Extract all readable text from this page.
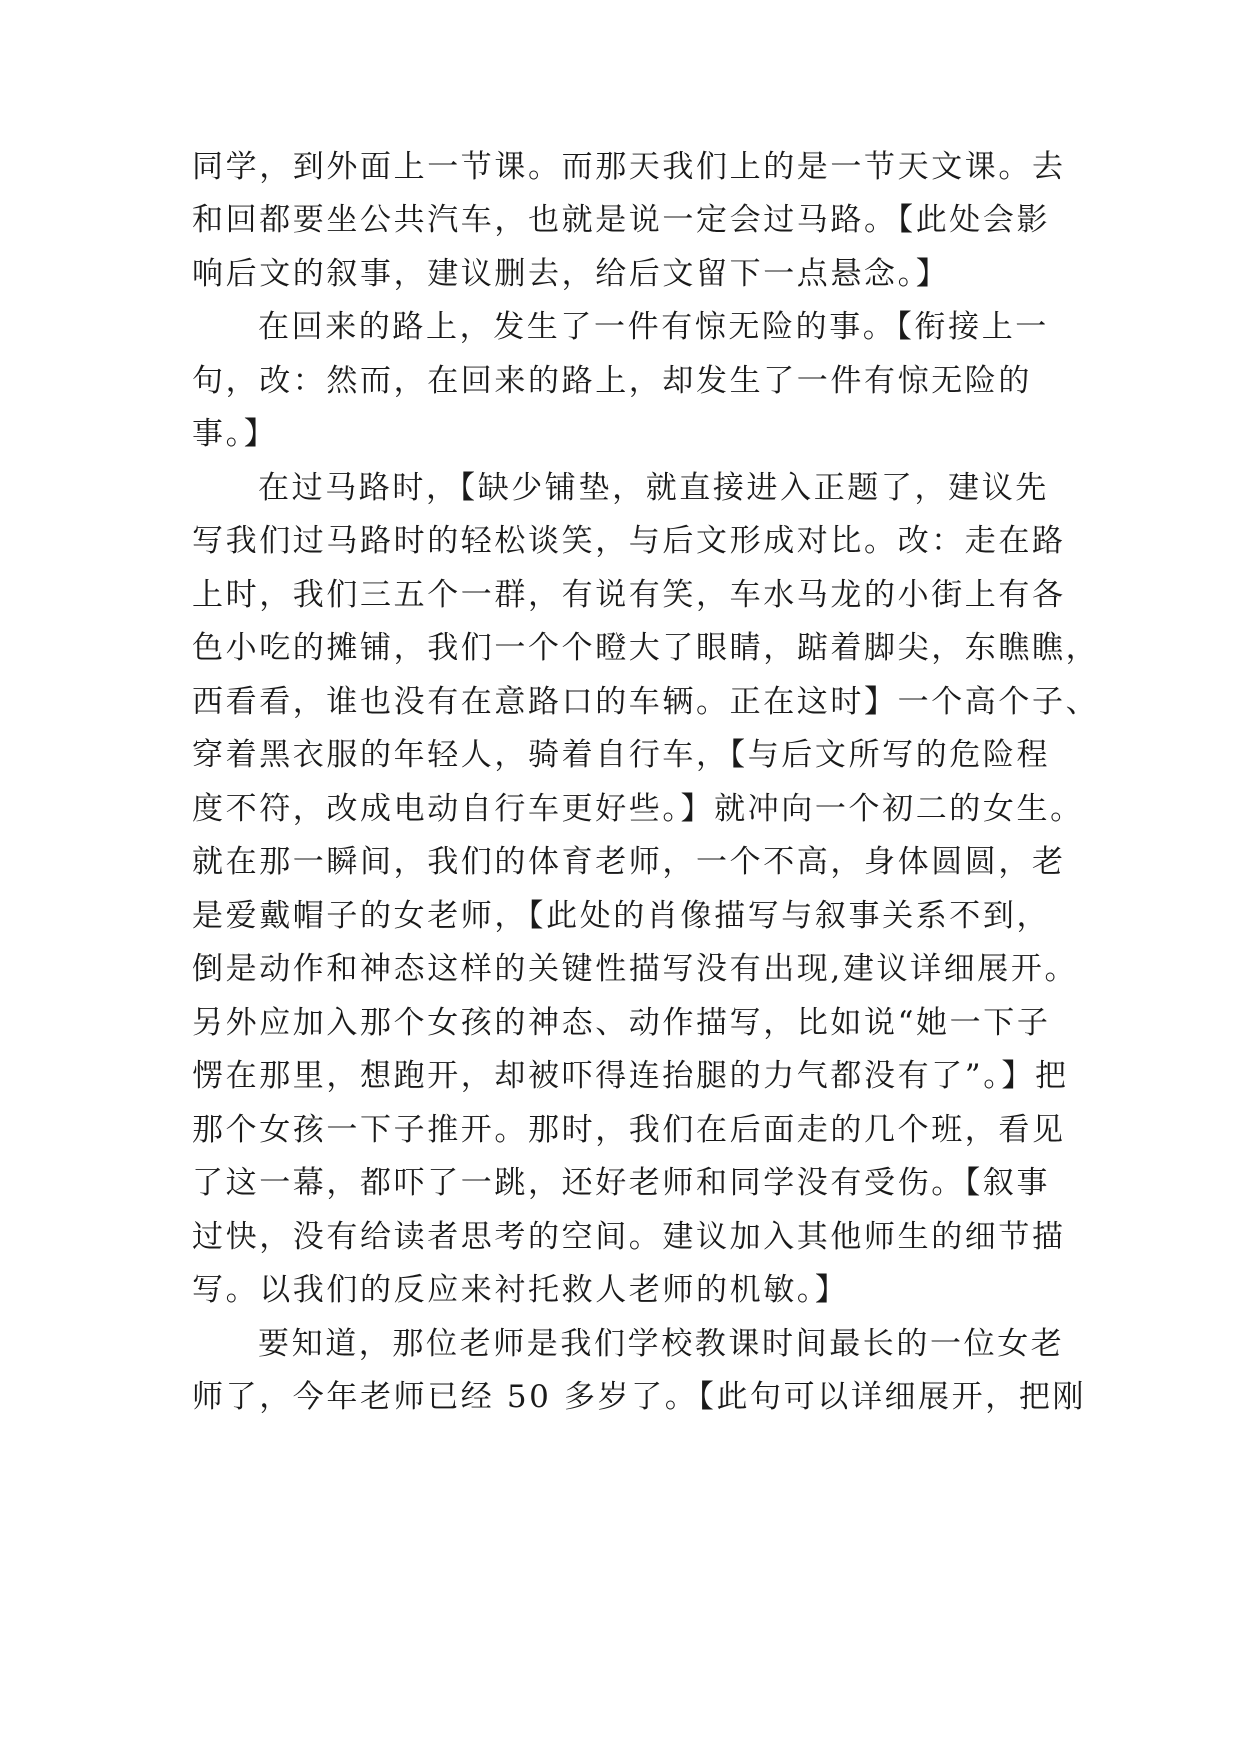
同学，到外面上一节课。而那天我们上的是一节天文课。去
和回都要坐公共汽车，也就是说一定会过马路。【此处会影
响后文的叙事，建议删去，给后文留下一点悬念。】
在回来的路上，发生了一件有惊无险的事。【衔接上一
句，改：然而，在回来的路上，却发生了一件有惊无险的
事。】
在过马路时，【缺少铺垫，就直接进入正题了，建议先
写我们过马路时的轻松谈笑，与后文形成对比。改：走在路
上时，我们三五个一群，有说有笑，车水马龙的小街上有各
色小吃的摊铺，我们一个个瞪大了眼睛，踮着脚尖，东瞧瞧，
西看看，谁也没有在意路口的车辆。正在这时】一个高个子、
穿着黑衣服的年轻人，骑着自行车，【与后文所写的危险程
度不符，改成电动自行车更好些。】就冲向一个初二的女生。
就在那一瞬间，我们的体育老师，一个不高，身体圆圆，老
是爱戴帽子的女老师，【此处的肖像描写与叙事关系不到，
倒是动作和神态这样的关键性描写没有出现,建议详细展开。
另外应加入那个女孩的神态、动作描写，比如说“她一下子
愣在那里，想跑开，却被吓得连抬腿的力气都没有了”。】把
那个女孩一下子推开。那时，我们在后面走的几个班，看见
了这一幕，都吓了一跳，还好老师和同学没有受伤。【叙事
过快，没有给读者思考的空间。建议加入其他师生的细节描
写。以我们的反应来衬托救人老师的机敏。】
要知道，那位老师是我们学校教课时间最长的一位女老
师了，今年老师已经 50 多岁了。【此句可以详细展开，把刚
